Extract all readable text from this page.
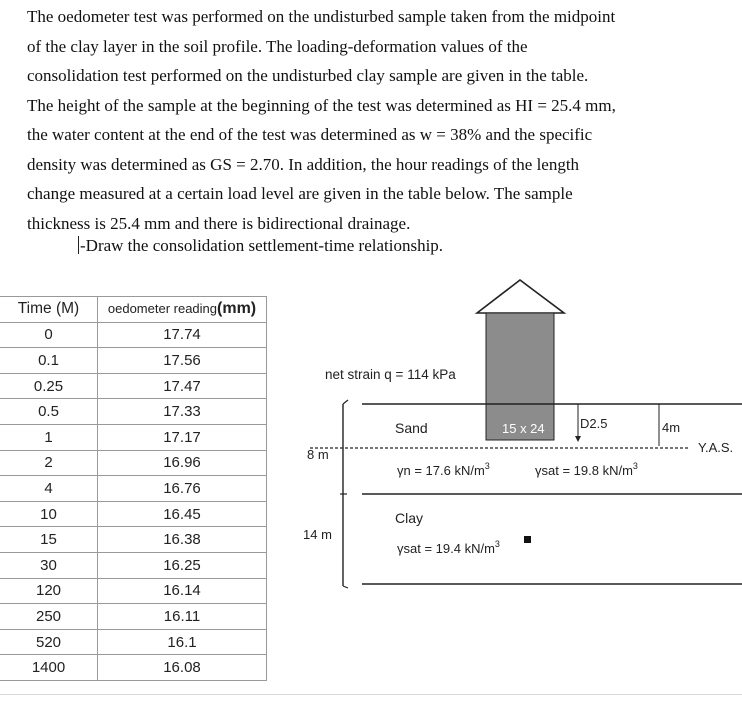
The oedometer test was performed on the undisturbed sample taken from the midpoint

of the clay layer in the soil profile. The loading-deformation values of the

consolidation test performed on the undisturbed clay sample are given in the table.

The height of the sample at the beginning of the test was determined as HI = 25.4 mm,

the water content at the end of the test was determined as w = 38% and the specific

density was determined as GS = 2.70. In addition, the hour readings of the length

change measured at a certain load level are given in the table below. The sample

thickness is 25.4 mm and there is bidirectional drainage.

-Draw the consolidation settlement-time relationship.
Time (M)	oedometer reading(mm)
0	17.74
0.1	17.56
0.25	17.47
0.5	17.33
1	17.17
2	16.96
4	16.76
10	16.45
15	16.38
30	16.25
120	16.14
250	16.11
520	16.1
1400	16.08
15 x 24
net strain q = 114 kPa
Y.A.S.
8 m
14 m
D2.5	4m
Sand
γn = 17.6 $kN/m^3$	γsat = 19.8 $kN/m^3$
Clay
γsat = 19.4 $kN/m^3$
